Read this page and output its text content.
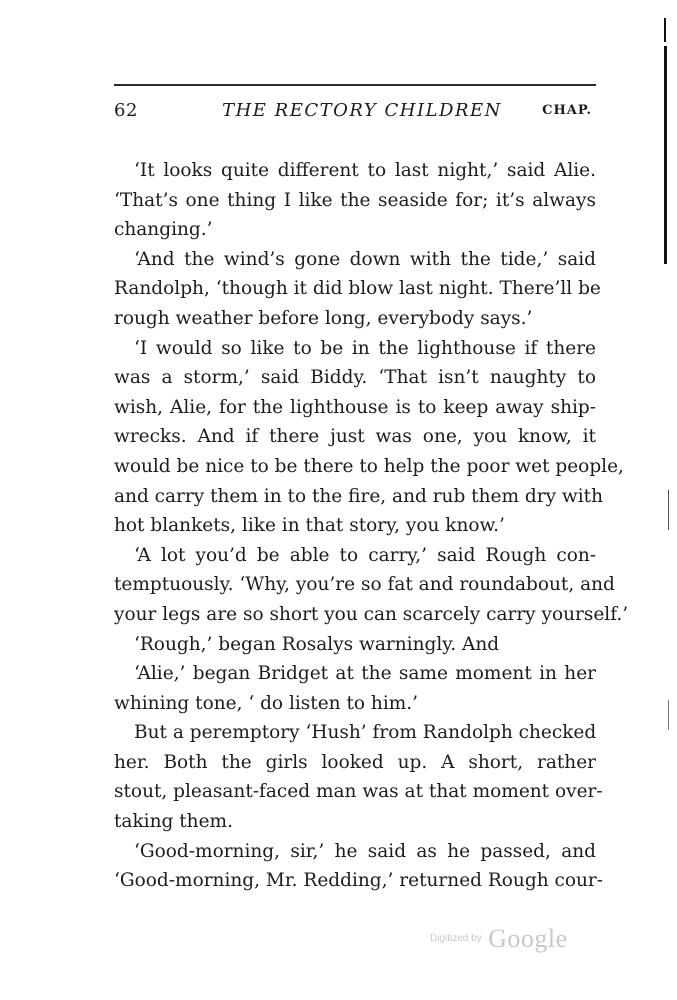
62	THE RECTORY CHILDREN	CHAP.
‘It looks quite different to last night,’ said Alie.
‘That’s one thing I like the seaside for; it’s always
changing.’
‘And the wind’s gone down with the tide,’ said
Randolph, ‘though it did blow last night. There’ll be
rough weather before long, everybody says.’
‘I would so like to be in the lighthouse if there
was a storm,’ said Biddy. ‘That isn’t naughty to
wish, Alie, for the lighthouse is to keep away ship-
wrecks. And if there just was one, you know, it
would be nice to be there to help the poor wet people,
and carry them in to the fire, and rub them dry with
hot blankets, like in that story, you know.’
‘A lot you’d be able to carry,’ said Rough con-
temptuously. ‘Why, you’re so fat and roundabout, and
your legs are so short you can scarcely carry yourself.’
‘Rough,’ began Rosalys warningly. And
‘Alie,’ began Bridget at the same moment in her
whining tone, ‘ do listen to him.’
But a peremptory ‘Hush’ from Randolph checked
her. Both the girls looked up. A short, rather
stout, pleasant-faced man was at that moment over-
taking them.
‘Good-morning, sir,’ he said as he passed, and
‘Good-morning, Mr. Redding,’ returned Rough cour-
$^{Digitized by}$ Google
